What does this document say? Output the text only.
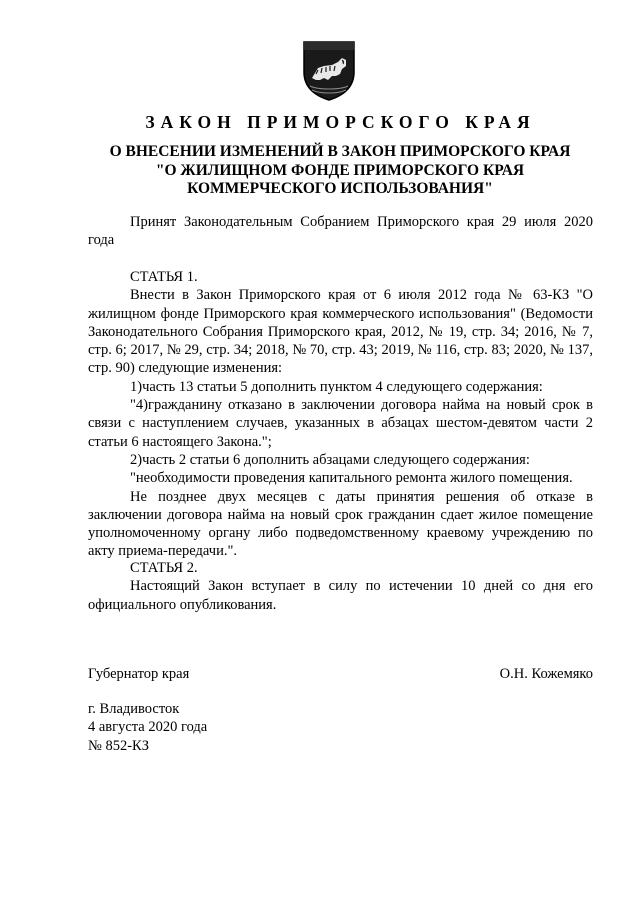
ЗАКОН ПРИМОРСКОГО КРАЯ
О ВНЕСЕНИИ ИЗМЕНЕНИЙ В ЗАКОН ПРИМОРСКОГО КРАЯ
"О ЖИЛИЩНОМ ФОНДЕ ПРИМОРСКОГО КРАЯ
КОММЕРЧЕСКОГО ИСПОЛЬЗОВАНИЯ"
Принят Законодательным Собранием Приморского края 29 июля 2020 года
СТАТЬЯ 1.
Внести в Закон Приморского края от 6 июля 2012 года № 63-КЗ "О жилищном фонде Приморского края коммерческого использования" (Ведомости Законодательного Собрания Приморского края, 2012, № 19, стр. 34; 2016, № 7, стр. 6; 2017, № 29, стр. 34; 2018, № 70, стр. 43; 2019, № 116, стр. 83; 2020, № 137, стр. 90) следующие изменения:
1)часть 13 статьи 5 дополнить пунктом 4 следующего содержания:
"4)гражданину отказано в заключении договора найма на новый срок в связи с наступлением случаев, указанных в абзацах шестом-девятом части 2 статьи 6 настоящего Закона.";
2)часть 2 статьи 6 дополнить абзацами следующего содержания:
"необходимости проведения капитального ремонта жилого помещения.
Не позднее двух месяцев с даты принятия решения об отказе в заключении договора найма на новый срок гражданин сдает жилое помещение уполномоченному органу либо подведомственному краевому учреждению по акту приема-передачи.".
СТАТЬЯ 2.
Настоящий Закон вступает в силу по истечении 10 дней со дня его официального опубликования.
Губернатор края	О.Н. Кожемяко
г. Владивосток
4 августа 2020 года
№ 852-КЗ
